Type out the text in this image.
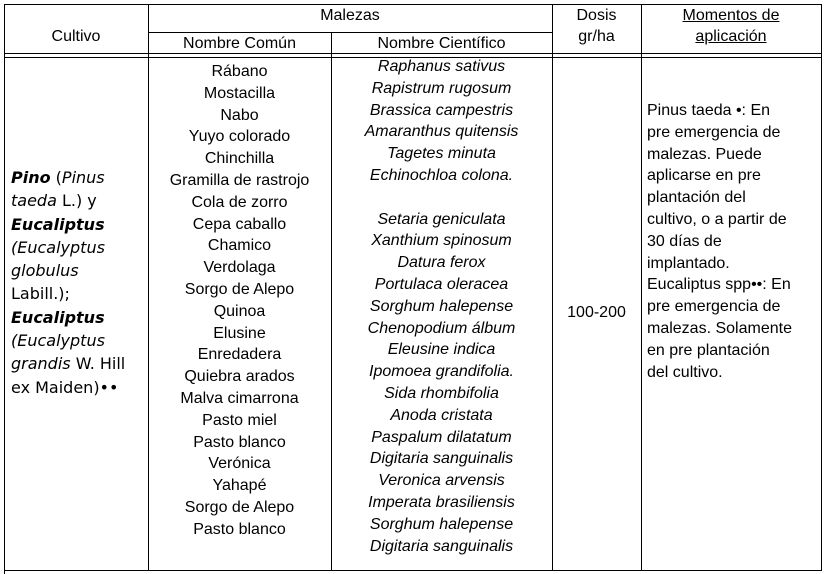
Cultivo
Malezas
Nombre Común	Nombre Científico
Dosis
gr/ha
Momentos de
aplicación
Pino (Pinus
taeda L.) y
Eucaliptus
(Eucalyptus
globulus
Labill.);
Eucaliptus
(Eucalyptus
grandis W. Hill
ex Maiden)••
Rábano
Mostacilla
Nabo
Yuyo colorado
Chinchilla
Gramilla de rastrojo
Cola de zorro
Cepa caballo
Chamico
Verdolaga
Sorgo de Alepo
Quinoa
Elusine
Enredadera
Quiebra arados
Malva cimarrona
Pasto miel
Pasto blanco
Verónica
Yahapé
Sorgo de Alepo
Pasto blanco
Raphanus sativus
Rapistrum rugosum
Brassica campestris
Amaranthus quitensis
Tagetes minuta
Echinochloa colona.

Setaria geniculata
Xanthium spinosum
Datura ferox
Portulaca oleracea
Sorghum halepense
Chenopodium álbum
Eleusine indica
Ipomoea grandifolia.
Sida rhombifolia
Anoda cristata
Paspalum dilatatum
Digitaria sanguinalis
Veronica arvensis
Imperata brasiliensis
Sorghum halepense
Digitaria sanguinalis
100-200
Pinus taeda •: En
pre emergencia de
malezas. Puede
aplicarse en pre
plantación del
cultivo, o a partir de
30 días de
implantado.
Eucaliptus spp••: En
pre emergencia de
malezas. Solamente
en pre plantación
del cultivo.
